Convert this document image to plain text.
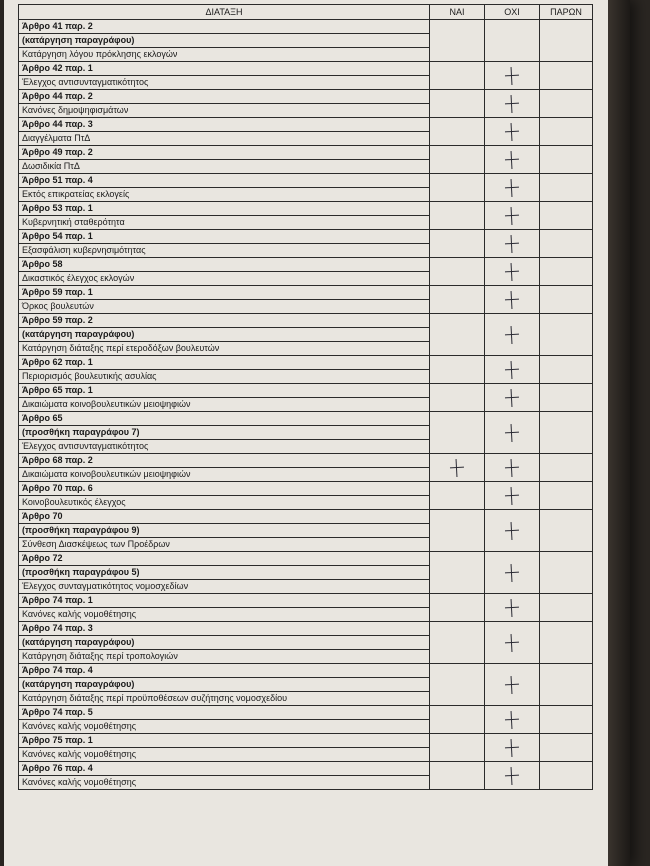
ΔΙΑΤΑΞΗ	ΝΑΙ	ΟΧΙ	ΠΑΡΩΝ

Άρθρο 41 παρ. 2
(κατάργηση παραγράφου)
Κατάργηση λόγου πρόκλησης εκλογών			

Άρθρο 42 παρ. 1
Έλεγχος αντισυνταγματικότητος			

Άρθρο 44 παρ. 2
Κανόνες δημοψηφισμάτων			

Άρθρο 44 παρ. 3
Διαγγέλματα ΠτΔ			

Άρθρο 49 παρ. 2
Δωσιδικία ΠτΔ			

Άρθρο 51 παρ. 4
Εκτός επικρατείας εκλογείς			

Άρθρο 53 παρ. 1
Κυβερνητική σταθερότητα			

Άρθρο 54 παρ. 1
Εξασφάλιση κυβερνησιμότητας			

Άρθρο 58
Δικαστικός έλεγχος εκλογών			

Άρθρο 59 παρ. 1
Όρκος βουλευτών			

Άρθρο 59 παρ. 2
(κατάργηση παραγράφου)
Κατάργηση διάταξης περί ετεροδόξων βουλευτών			

Άρθρο 62 παρ. 1
Περιορισμός βουλευτικής ασυλίας			

Άρθρο 65 παρ. 1
Δικαιώματα κοινοβουλευτικών μειοψηφιών			

Άρθρο 65
(προσθήκη παραγράφου 7)
Έλεγχος αντισυνταγματικότητος			

Άρθρο 68 παρ. 2
Δικαιώματα κοινοβουλευτικών μειοψηφιών			

Άρθρο 70 παρ. 6
Κοινοβουλευτικός έλεγχος			

Άρθρο 70
(προσθήκη παραγράφου 9)
Σύνθεση Διασκέψεως των Προέδρων			

Άρθρο 72
(προσθήκη παραγράφου 5)
Έλεγχος συνταγματικότητος νομοσχεδίων			

Άρθρο 74 παρ. 1
Κανόνες καλής νομοθέτησης			

Άρθρο 74 παρ. 3
(κατάργηση παραγράφου)
Κατάργηση διάταξης περί τροπολογιών			

Άρθρο 74 παρ. 4
(κατάργηση παραγράφου)
Κατάργηση διάταξης περί προϋποθέσεων συζήτησης νομοσχεδίου			

Άρθρο 74 παρ. 5
Κανόνες καλής νομοθέτησης			

Άρθρο 75 παρ. 1
Κανόνες καλής νομοθέτησης			

Άρθρο 76 παρ. 4
Κανόνες καλής νομοθέτησης			
